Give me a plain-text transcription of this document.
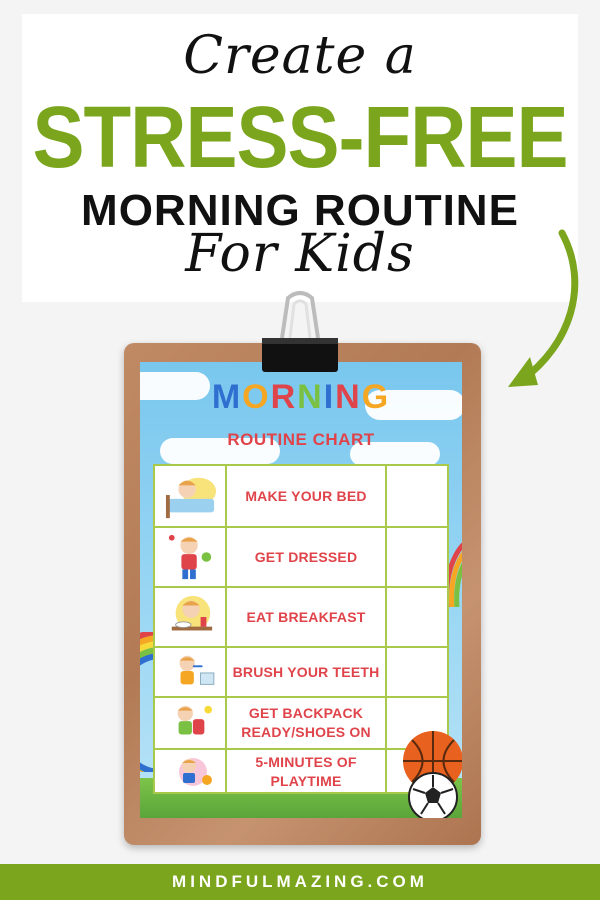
Create a
STRESS-FREE
MORNING ROUTINE
For Kids
MORNING
ROUTINE CHART
MAKE YOUR BED
GET DRESSED
EAT BREAKFAST
BRUSH YOUR TEETH
GET BACKPACK READY/SHOES ON
5-MINUTES OF PLAYTIME
MINDFULMAZING.COM
